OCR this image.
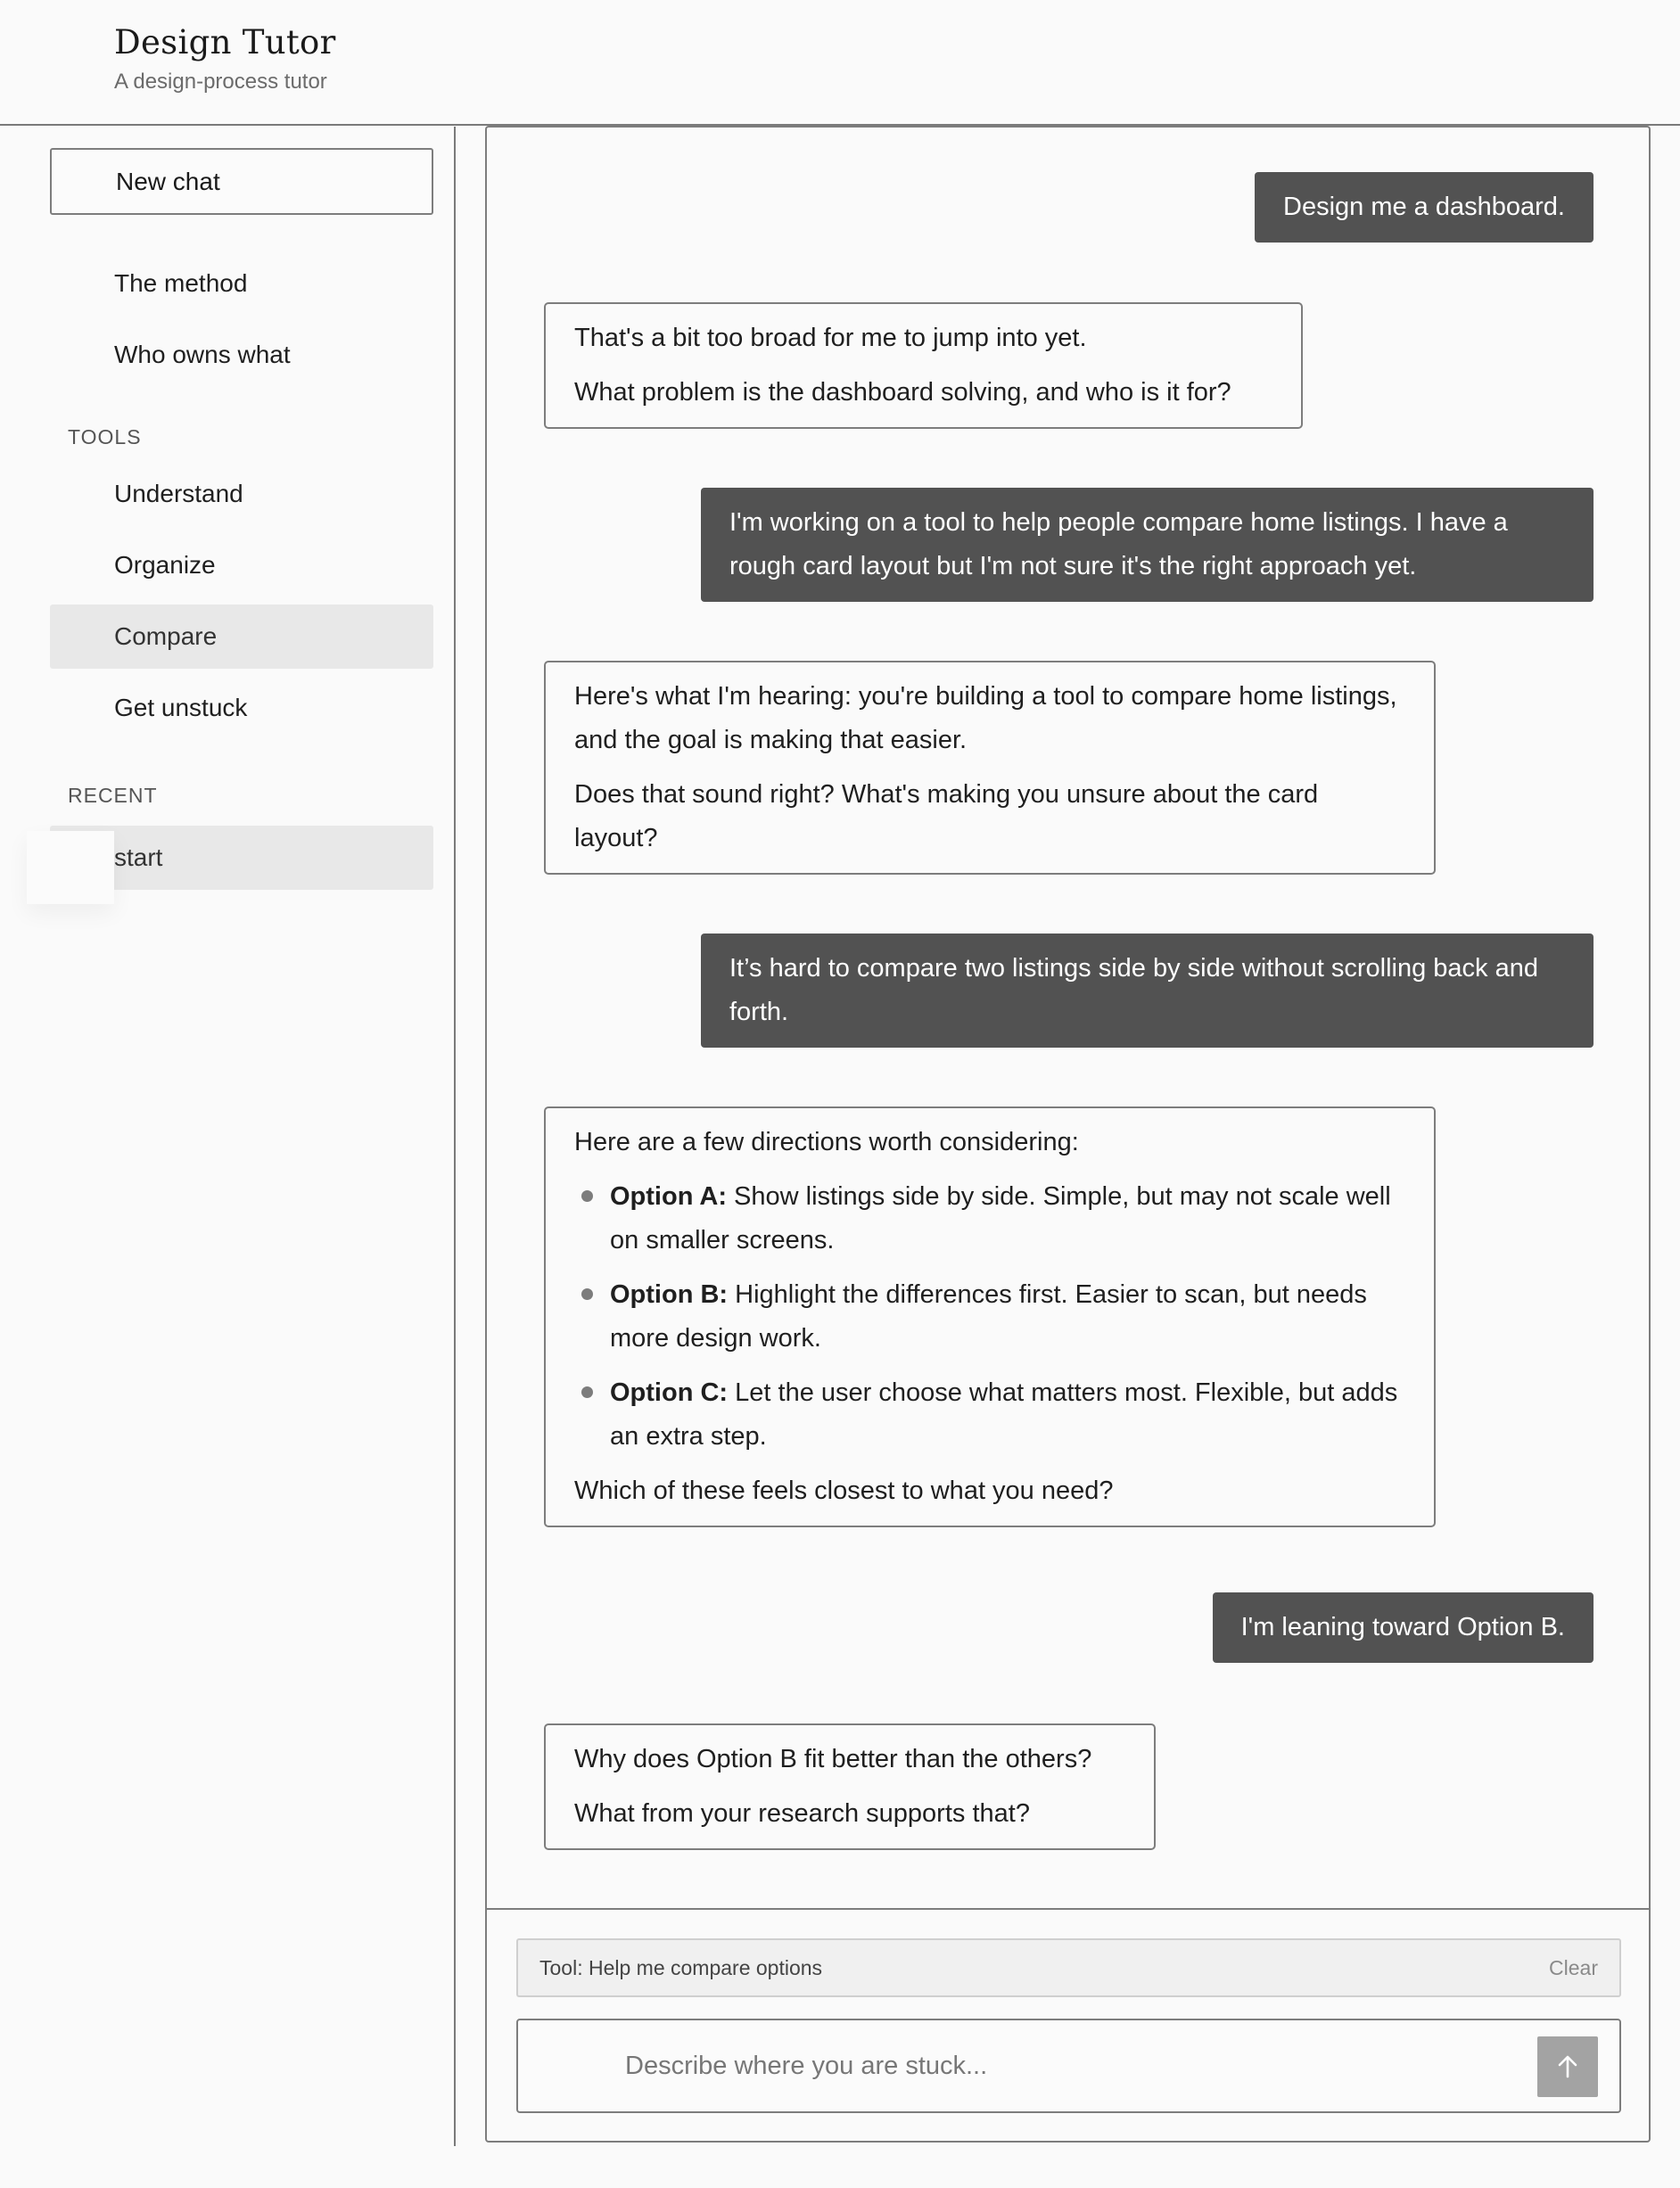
Design Tutor
A design-process tutor
New chat
The method
Who owns what
TOOLS
Understand
Organize
Compare
Get unstuck
RECENT
start
Design me a dashboard.

That's a bit too broad for me to jump into yet.

What problem is the dashboard solving, and who is it for?

I'm working on a tool to help people compare home listings. I have a rough card layout but I'm not sure it's the right approach yet.

Here's what I'm hearing: you're building a tool to compare home listings, and the goal is making that easier.

Does that sound right? What's making you unsure about the card layout?

It’s hard to compare two listings side by side without scrolling back and forth.

Here are a few directions worth considering:

Option A: Show listings side by side. Simple, but may not scale well on smaller screens.
Option B: Highlight the differences first. Easier to scan, but needs more design work.
Option C: Let the user choose what matters most. Flexible, but adds an extra step.

Which of these feels closest to what you need?

I'm leaning toward Option B.

Why does Option B fit better than the others?

What from your research supports that?

Tool: Help me compare options	Clear
Describe where you are stuck...
